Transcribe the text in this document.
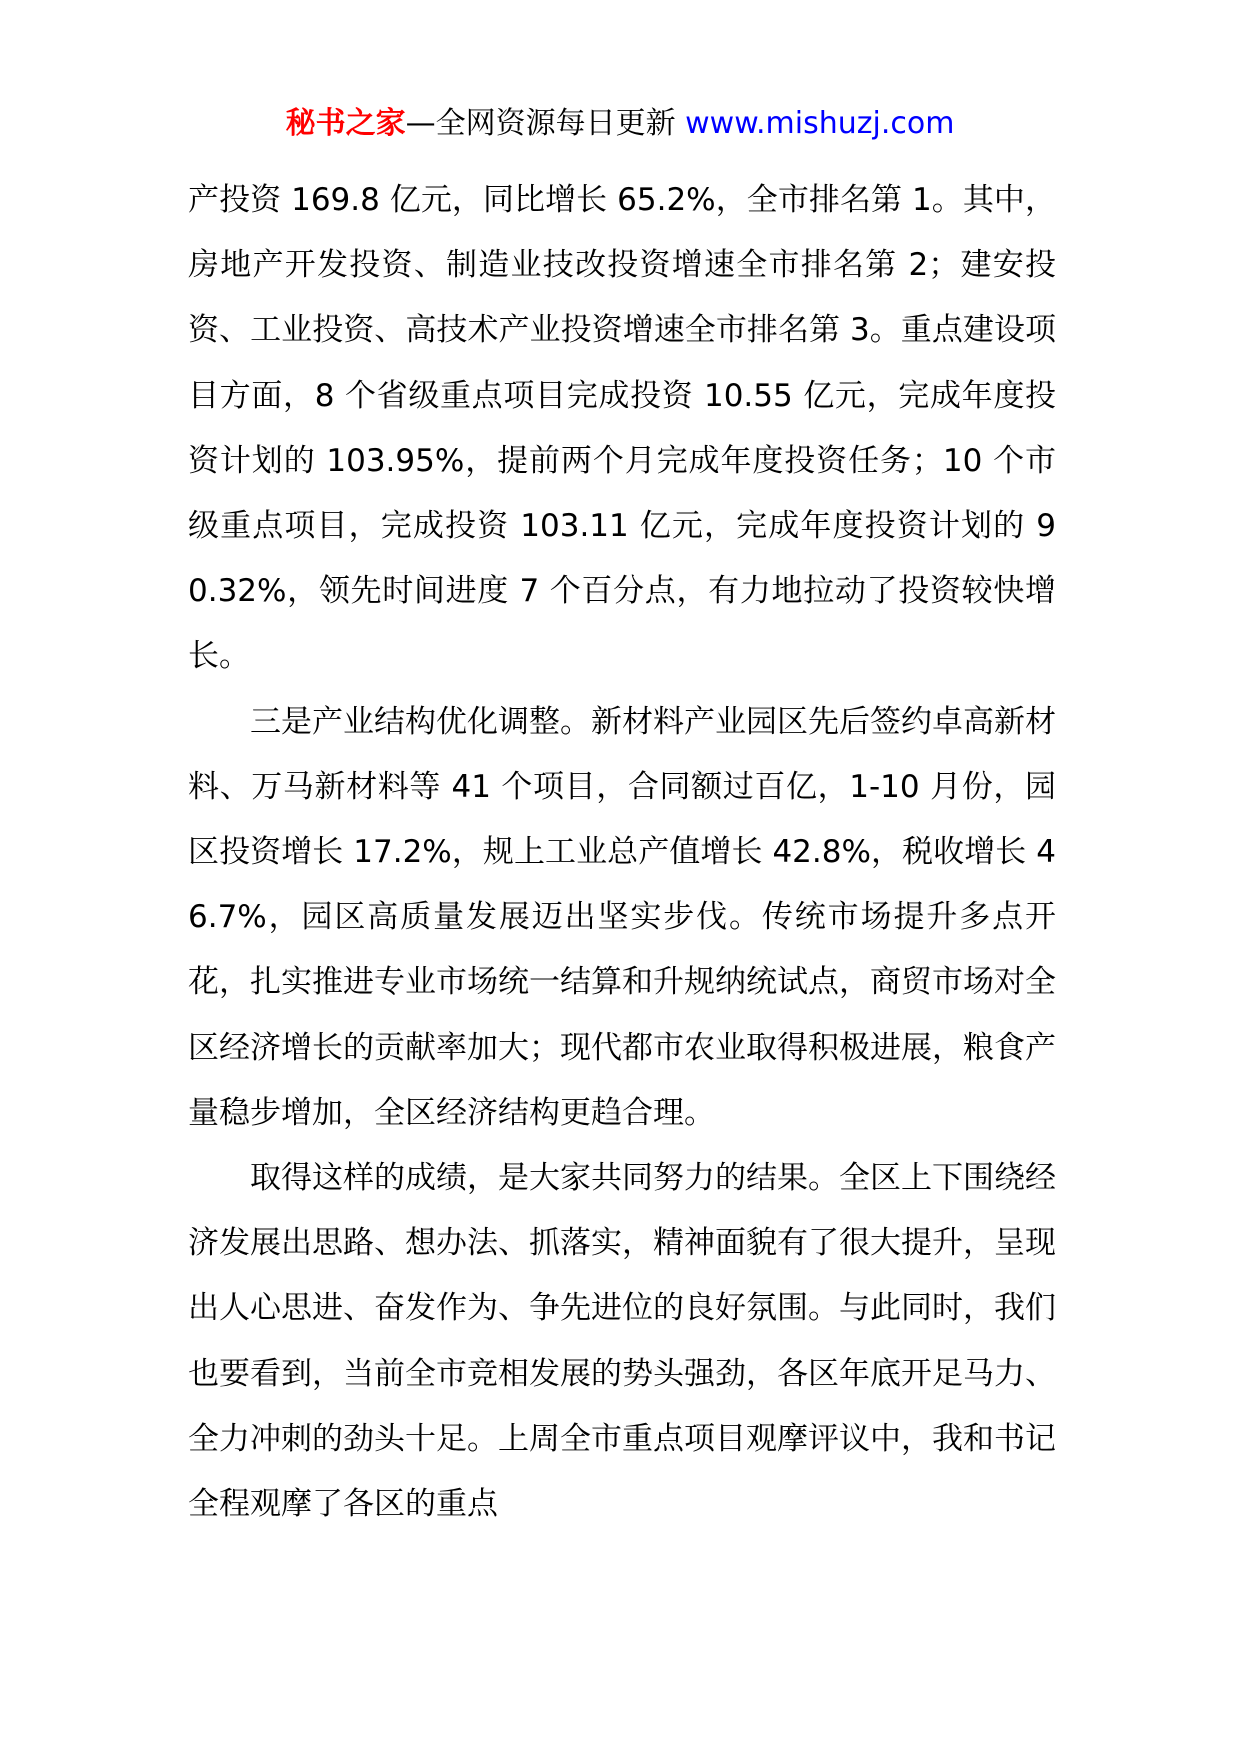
秘书之家—全网资源每日更新 www.mishuzj.com

产投资 169.8 亿元，同比增长 65.2%，全市排名第 1。其中，房地产开发投资、制造业技改投资增速全市排名第 2；建安投资、工业投资、高技术产业投资增速全市排名第 3。重点建设项目方面，8 个省级重点项目完成投资 10.55 亿元，完成年度投资计划的 103.95%，提前两个月完成年度投资任务；10 个市级重点项目，完成投资 103.11 亿元，完成年度投资计划的 90.32%，领先时间进度 7 个百分点，有力地拉动了投资较快增长。

三是产业结构优化调整。新材料产业园区先后签约卓高新材料、万马新材料等 41 个项目，合同额过百亿，1-10 月份，园区投资增长 17.2%，规上工业总产值增长 42.8%，税收增长 46.7%，园区高质量发展迈出坚实步伐。传统市场提升多点开花，扎实推进专业市场统一结算和升规纳统试点，商贸市场对全区经济增长的贡献率加大；现代都市农业取得积极进展，粮食产量稳步增加，全区经济结构更趋合理。

取得这样的成绩，是大家共同努力的结果。全区上下围绕经济发展出思路、想办法、抓落实，精神面貌有了很大提升，呈现出人心思进、奋发作为、争先进位的良好氛围。与此同时，我们也要看到，当前全市竞相发展的势头强劲，各区年底开足马力、全力冲刺的劲头十足。上周全市重点项目观摩评议中，我和书记全程观摩了各区的重点
